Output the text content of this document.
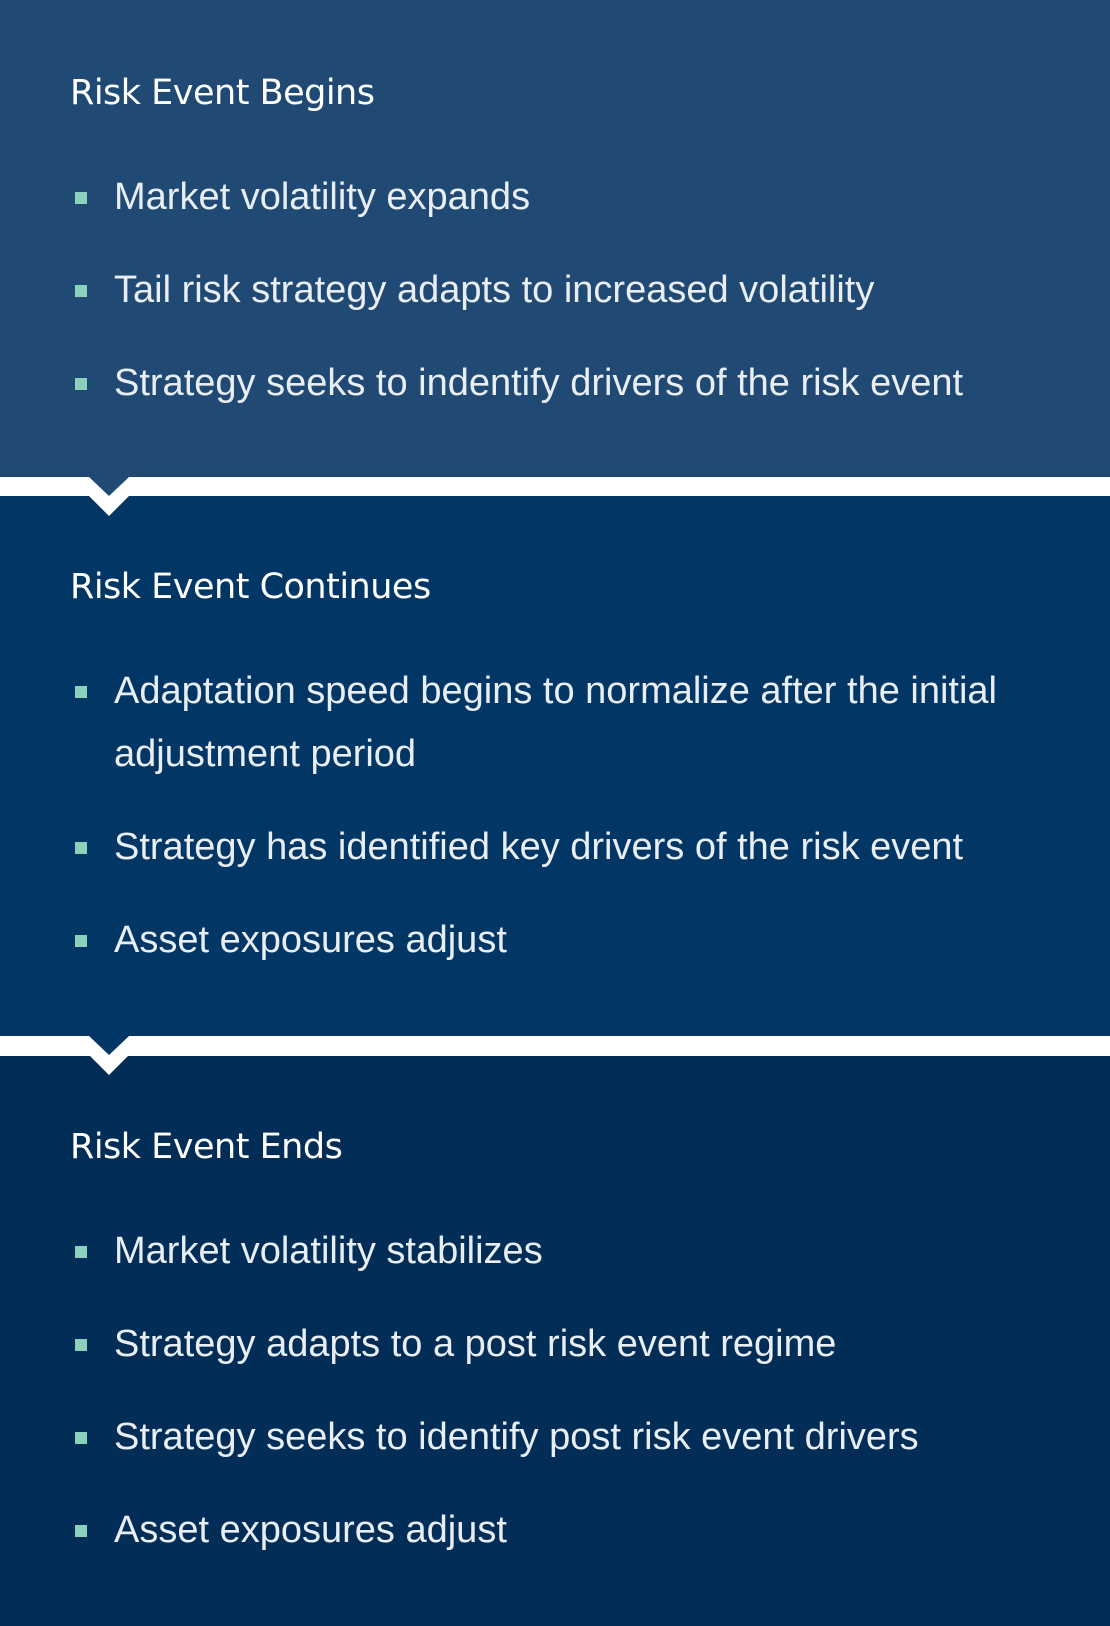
Risk Event Begins
Market volatility expands
Tail risk strategy adapts to increased volatility
Strategy seeks to indentify drivers of the risk event
Risk Event Continues
Adaptation speed begins to normalize after the initial adjustment period
Strategy has identified key drivers of the risk event
Asset exposures adjust
Risk Event Ends
Market volatility stabilizes
Strategy adapts to a post risk event regime
Strategy seeks to identify post risk event drivers
Asset exposures adjust
